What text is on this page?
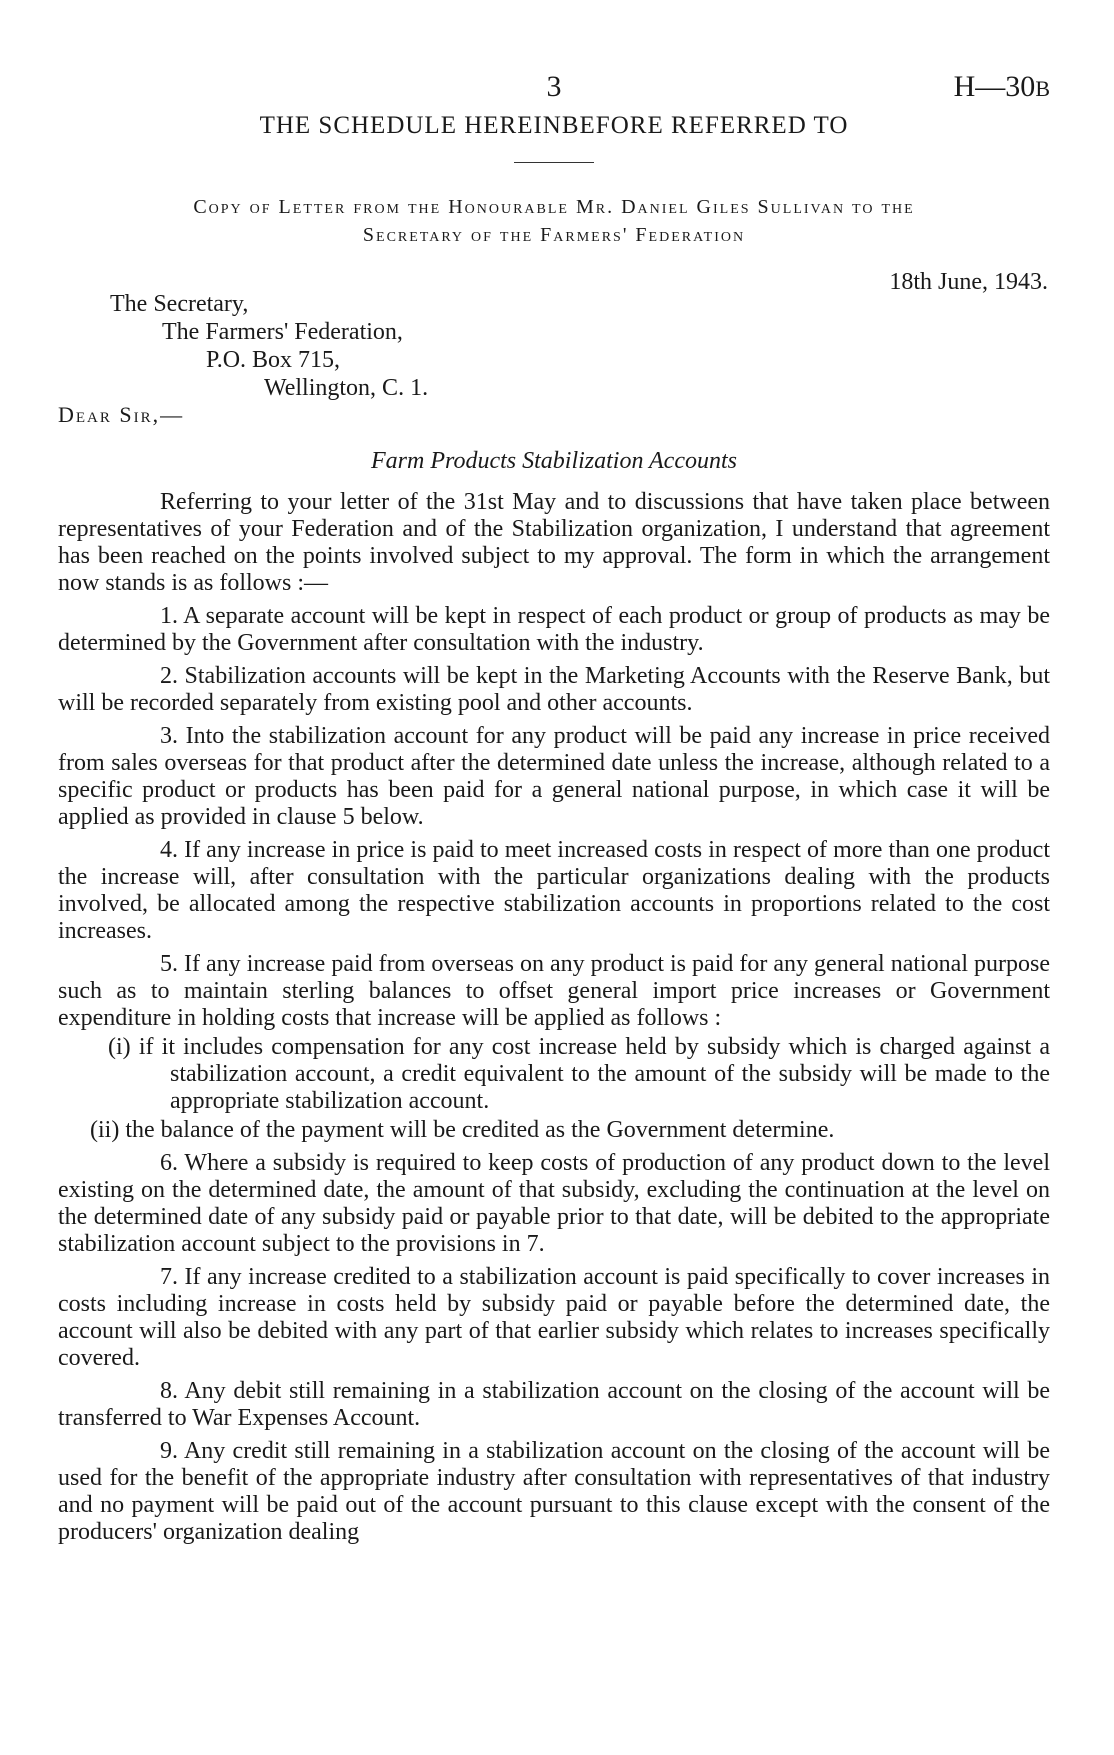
3	H—30B
THE SCHEDULE HEREINBEFORE REFERRED TO
Copy of Letter from the Honourable Mr. Daniel Giles Sullivan to the
Secretary of the Farmers' Federation
18th June, 1943.
The Secretary,
The Farmers' Federation,
P.O. Box 715,
Wellington, C. 1.
Dear Sir,—
Farm Products Stabilization Accounts

Referring to your letter of the 31st May and to discussions that have taken place between representatives of your Federation and of the Stabilization organization, I understand that agreement has been reached on the points involved subject to my approval. The form in which the arrangement now stands is as follows :—

1. A separate account will be kept in respect of each product or group of products as may be determined by the Government after consultation with the industry.

2. Stabilization accounts will be kept in the Marketing Accounts with the Reserve Bank, but will be recorded separately from existing pool and other accounts.

3. Into the stabilization account for any product will be paid any increase in price received from sales overseas for that product after the determined date unless the increase, although related to a specific product or products has been paid for a general national purpose, in which case it will be applied as provided in clause 5 below.

4. If any increase in price is paid to meet increased costs in respect of more than one product the increase will, after consultation with the particular organizations dealing with the products involved, be allocated among the respective stabilization accounts in proportions related to the cost increases.

5. If any increase paid from overseas on any product is paid for any general national purpose such as to maintain sterling balances to offset general import price increases or Government expenditure in holding costs that increase will be applied as follows :

(i) if it includes compensation for any cost increase held by subsidy which is charged against a stabilization account, a credit equivalent to the amount of the subsidy will be made to the appropriate stabilization account.

(ii) the balance of the payment will be credited as the Government determine.

6. Where a subsidy is required to keep costs of production of any product down to the level existing on the determined date, the amount of that subsidy, excluding the continuation at the level on the determined date of any subsidy paid or payable prior to that date, will be debited to the appropriate stabilization account subject to the provisions in 7.

7. If any increase credited to a stabilization account is paid specifically to cover increases in costs including increase in costs held by subsidy paid or payable before the determined date, the account will also be debited with any part of that earlier subsidy which relates to increases specifically covered.

8. Any debit still remaining in a stabilization account on the closing of the account will be transferred to War Expenses Account.

9. Any credit still remaining in a stabilization account on the closing of the account will be used for the benefit of the appropriate industry after consultation with representatives of that industry and no payment will be paid out of the account pursuant to this clause except with the consent of the producers' organization dealing
